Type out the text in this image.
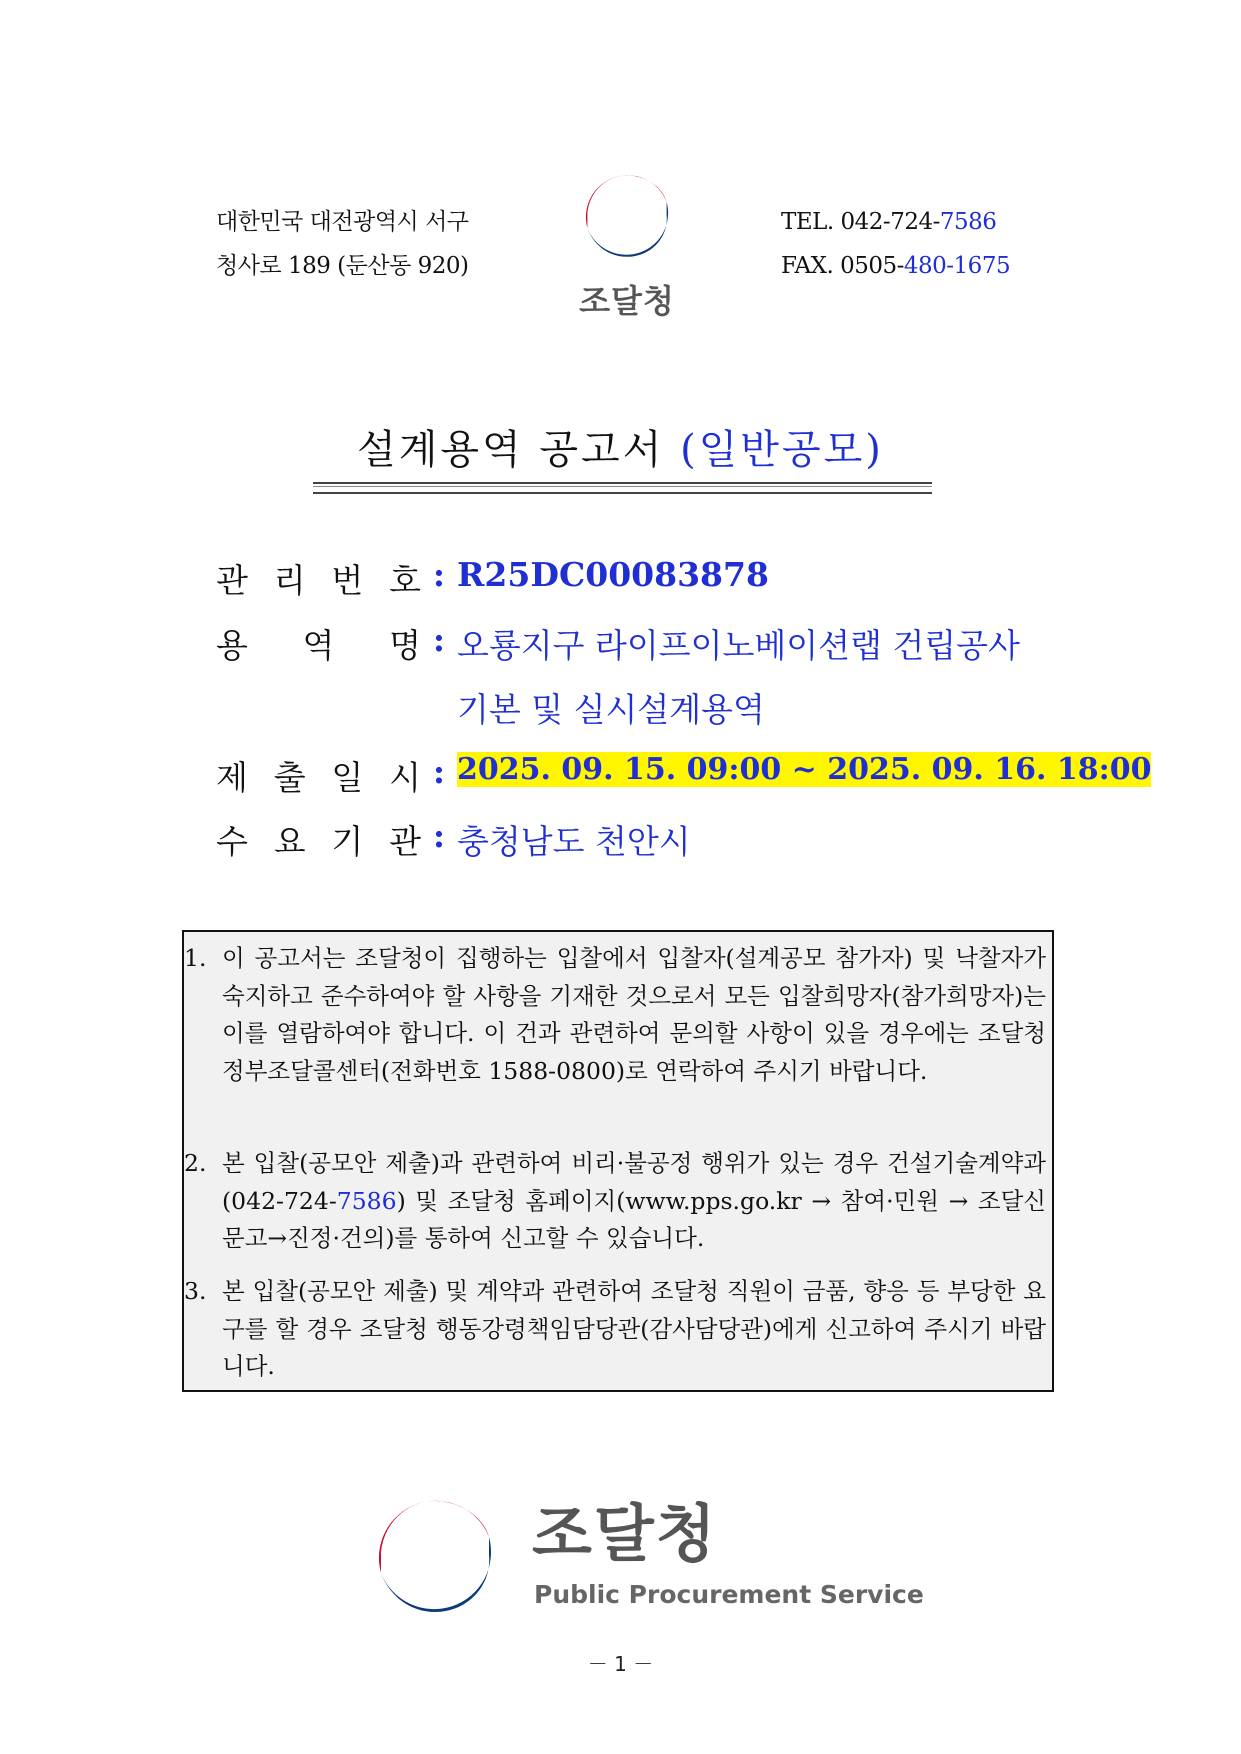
대한민국 대전광역시 서구
청사로 189 (둔산동 920)
TEL. 042-724-7586
FAX. 0505-480-1675
조달청
설계용역 공고서 (일반공모)
관 리 번 호 : R25DC00083878
용 역 명 : 오룡지구 라이프이노베이션랩 건립공사
기본 및 실시설계용역
제 출 일 시 : 2025. 09. 15. 09:00 ~ 2025. 09. 16. 18:00
수 요 기 관 : 충청남도 천안시
1. 이 공고서는 조달청이 집행하는 입찰에서 입찰자(설계공모 참가자) 및 낙찰자가 숙지하고 준수하여야 할 사항을 기재한 것으로서 모든 입찰희망자(참가희망자)는 이를 열람하여야 합니다. 이 건과 관련하여 문의할 사항이 있을 경우에는 조달청 정부조달콜센터(전화번호 1588-0800)로 연락하여 주시기 바랍니다.
2. 본 입찰(공모안 제출)과 관련하여 비리·불공정 행위가 있는 경우 건설기술계약과(042-724-7586) 및 조달청 홈페이지(www.pps.go.kr → 참여·민원 → 조달신문고→진정·건의)를 통하여 신고할 수 있습니다.
3. 본 입찰(공모안 제출) 및 계약과 관련하여 조달청 직원이 금품, 향응 등 부당한 요구를 할 경우 조달청 행동강령책임담당관(감사담당관)에게 신고하여 주시기 바랍니다.
조달청
Public Procurement Service
－ 1 －
